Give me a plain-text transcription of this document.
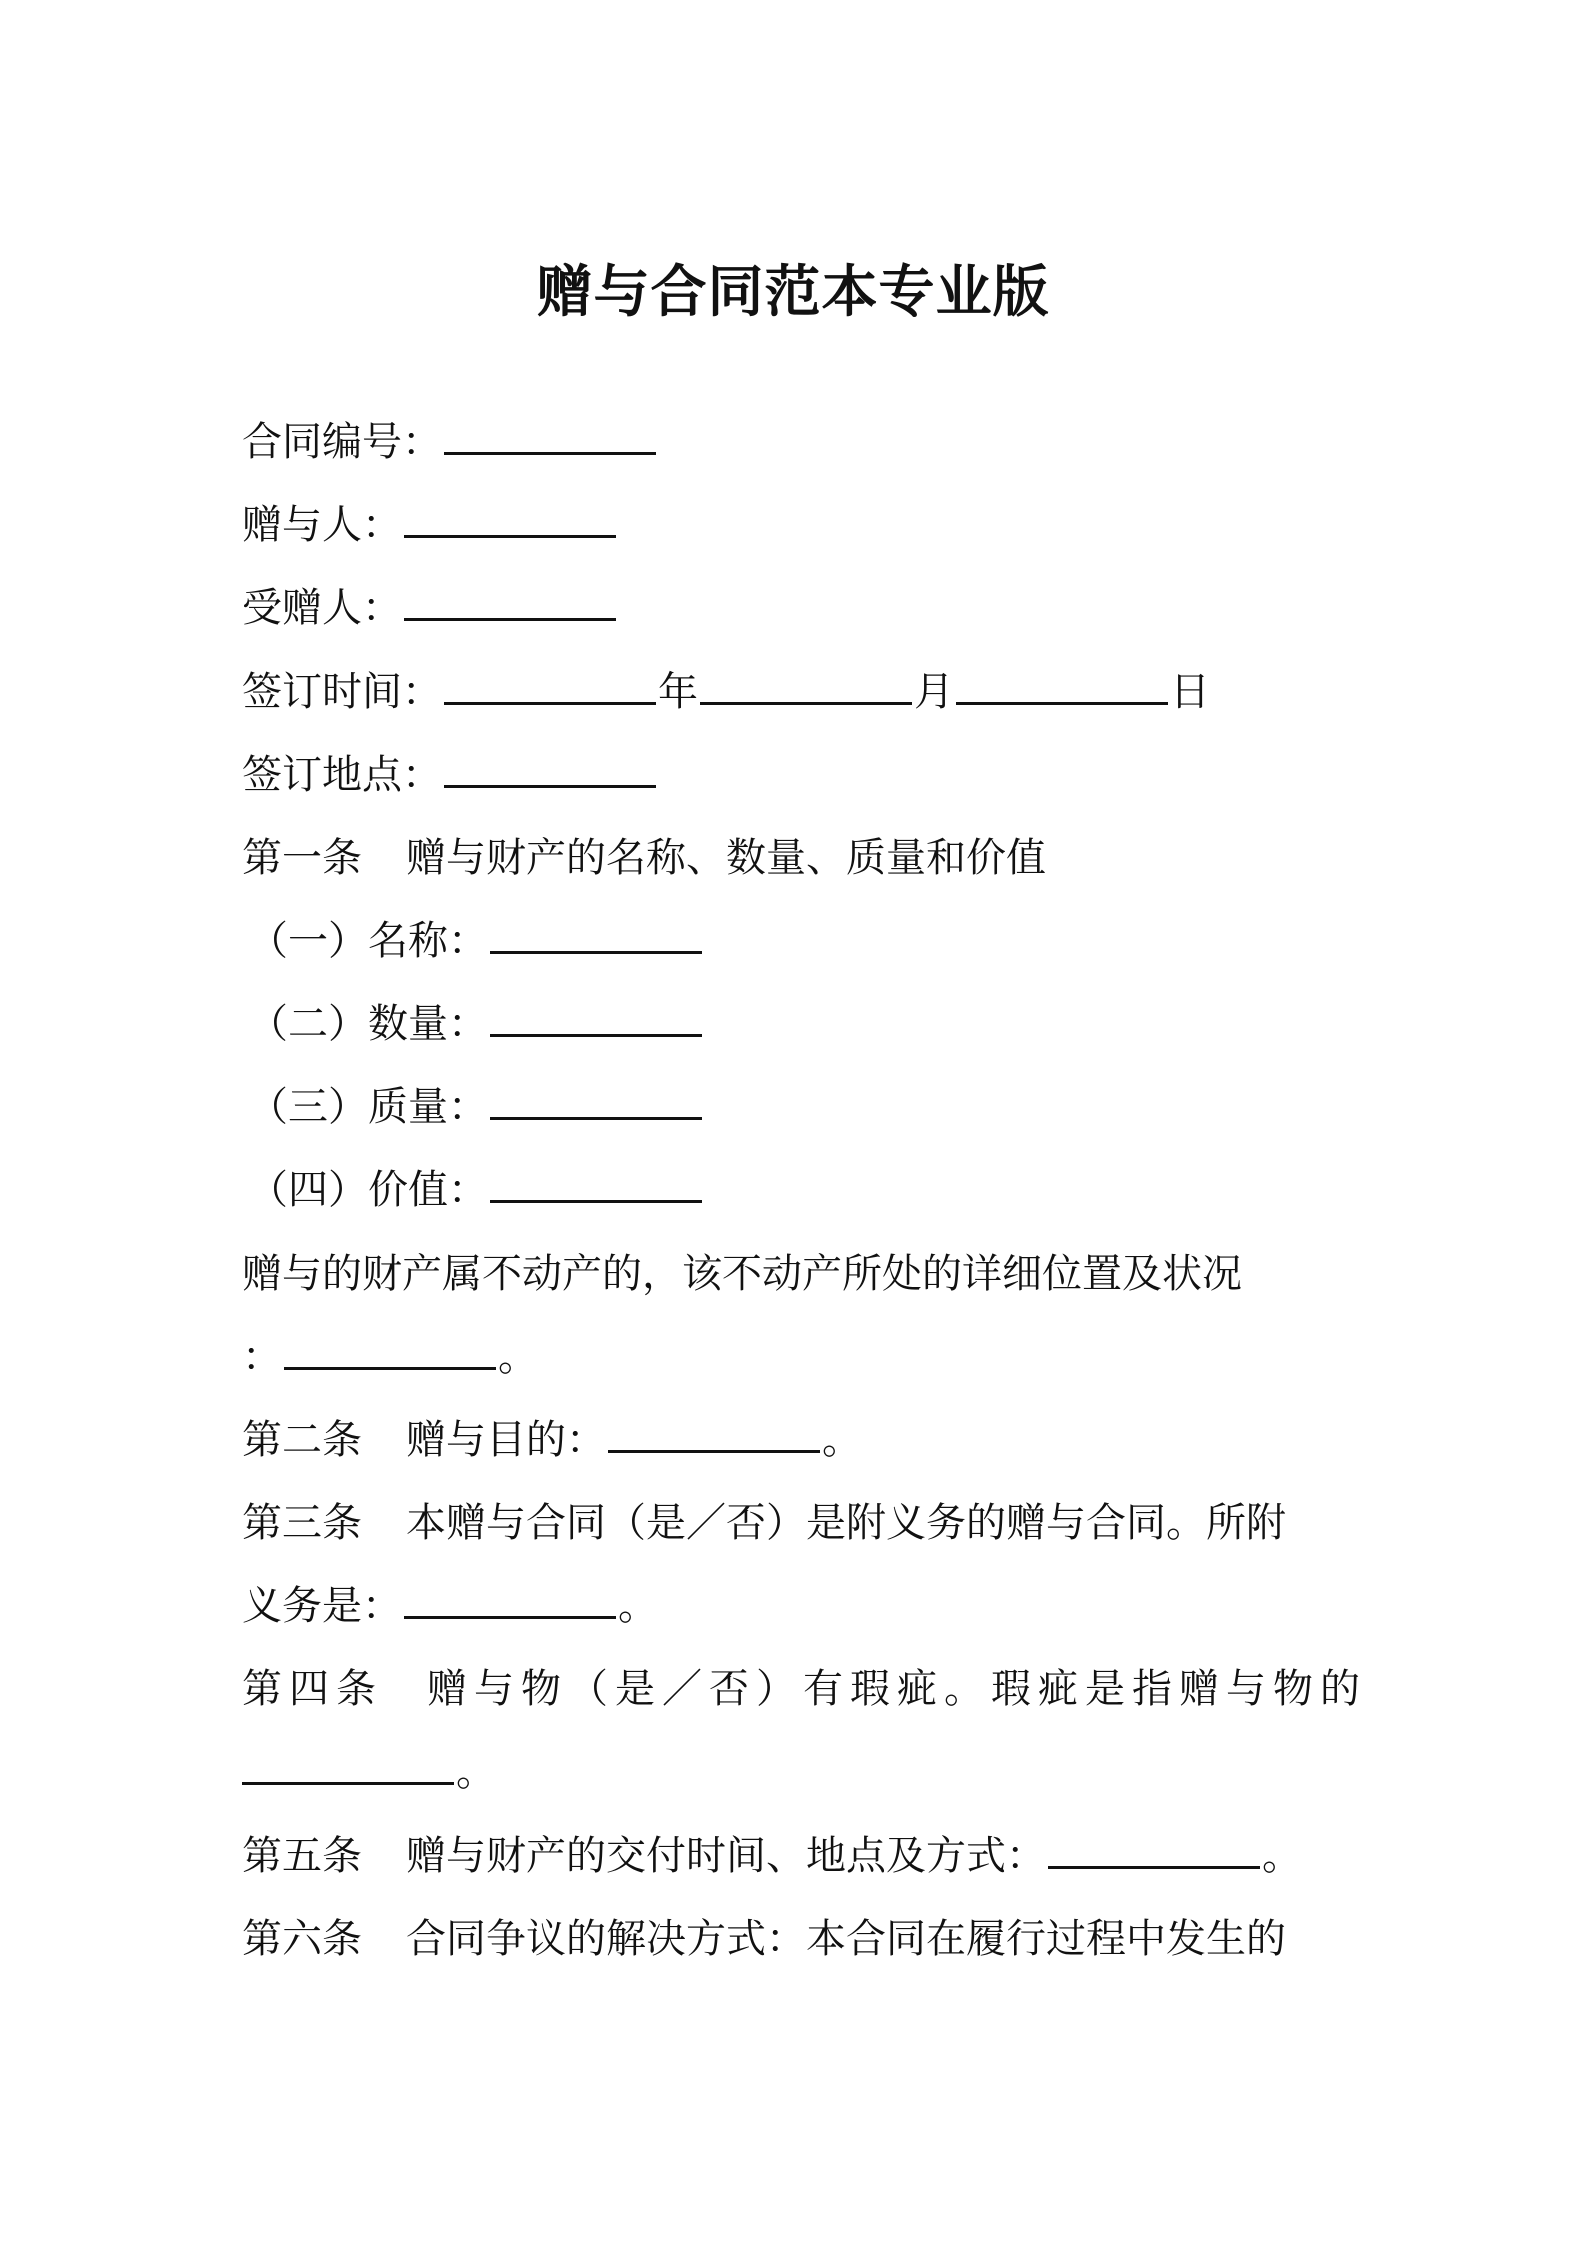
赠与合同范本专业版
合同编号：
赠与人：
受赠人：
签订时间：	年	月	日
签订地点：
第一条 赠与财产的名称、数量、质量和价值
（一）名称：
（二）数量：
（三）质量：
（四）价值：
赠与的财产属不动产的，该不动产所处的详细位置及状况
：	。
第二条 赠与目的：	。
第三条 本赠与合同（是／否）是附义务的赠与合同。所附
义务是：	。
第四条 赠与物（是／否）有瑕疵。瑕疵是指赠与物的
。
第五条 赠与财产的交付时间、地点及方式：	。
第六条 合同争议的解决方式：本合同在履行过程中发生的
